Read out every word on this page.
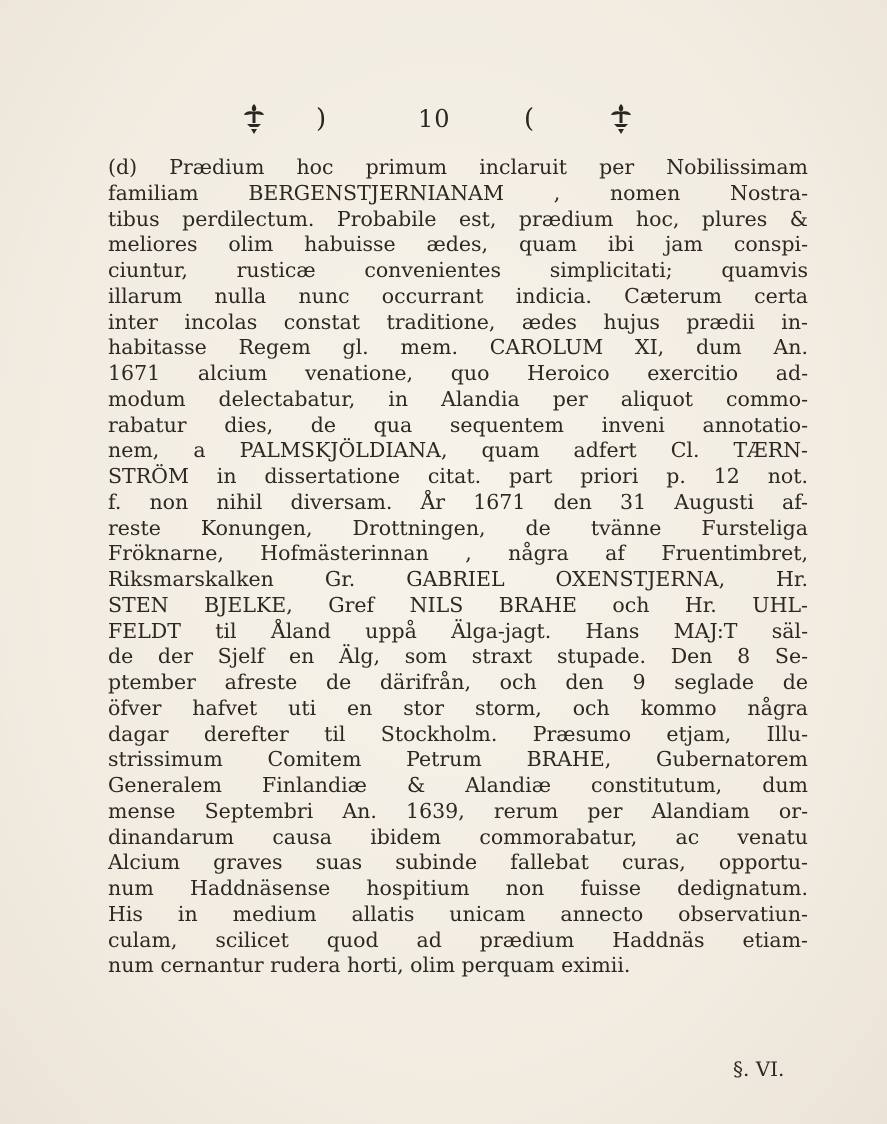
)	10	(
(d) Prædium hoc primum inclaruit per Nobilissimam
familiam BERGENSTJERNIANAM , nomen Nostra-
tibus perdilectum. Probabile est, prædium hoc, plures &
meliores olim habuisse ædes, quam ibi jam conspi-
ciuntur, rusticæ convenientes simplicitati; quamvis
illarum nulla nunc occurrant indicia. Cæterum certa
inter incolas constat traditione, ædes hujus prædii in-
habitasse Regem gl. mem. CAROLUM XI, dum An.
1671 alcium venatione, quo Heroico exercitio ad-
modum delectabatur, in Alandia per aliquot commo-
rabatur dies, de qua sequentem inveni annotatio-
nem, a PALMSKJÖLDIANA, quam adfert Cl. TÆRN-
STRÖM in dissertatione citat. part priori p. 12 not.
f. non nihil diversam. År 1671 den 31 Augusti af-
reste Konungen, Drottningen, de tvänne Fursteliga
Fröknarne, Hofmästerinnan , några af Fruentimbret,
Riksmarskalken Gr. GABRIEL OXENSTJERNA, Hr.
STEN BJELKE, Gref NILS BRAHE och Hr. UHL-
FELDT til Åland uppå Älga-jagt. Hans MAJ:T säl-
de der Sjelf en Älg, som straxt stupade. Den 8 Se-
ptember afreste de därifrån, och den 9 seglade de
öfver hafvet uti en stor storm, och kommo några
dagar derefter til Stockholm. Præsumo etjam, Illu-
strissimum Comitem Petrum BRAHE, Gubernatorem
Generalem Finlandiæ & Alandiæ constitutum, dum
mense Septembri An. 1639, rerum per Alandiam or-
dinandarum causa ibidem commorabatur, ac venatu
Alcium graves suas subinde fallebat curas, opportu-
num Haddnäsense hospitium non fuisse dedignatum.
His in medium allatis unicam annecto observatiun-
culam, scilicet quod ad prædium Haddnäs etiam-
num cernantur rudera horti, olim perquam eximii.
§. VI.
